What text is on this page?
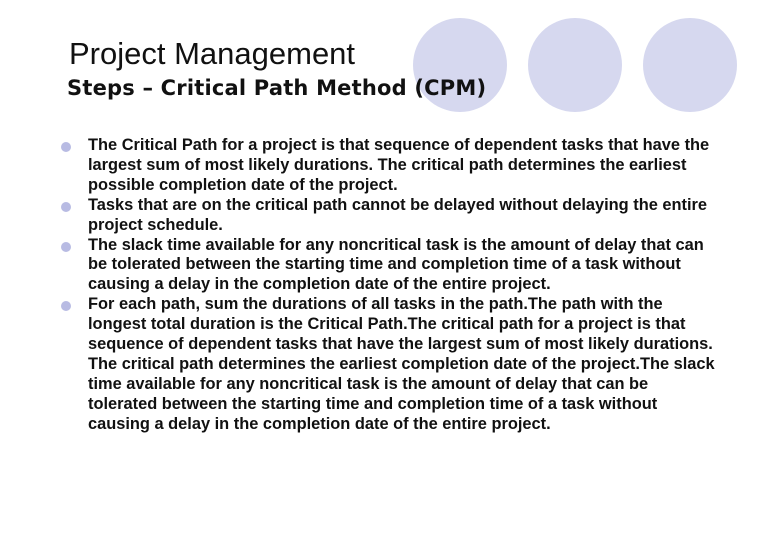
Project Management
Steps – Critical Path Method (CPM)
The Critical Path for a project is that sequence of dependent tasks that have the largest sum of most likely durations. The critical path determines the earliest possible completion date of the project.
Tasks that are on the critical path cannot be delayed without delaying the entire project schedule.
The slack time available for any noncritical task is the amount of delay that can be tolerated between the starting time and completion time of a task without causing a delay in the completion date of the entire project.
For each path, sum the durations of all tasks in the path.The path with the longest total duration is the Critical Path.The critical path for a project is that sequence of dependent tasks that have the largest sum of most likely durations. The critical path determines the earliest completion date of the project.The slack time available for any noncritical task is the amount of delay that can be tolerated between the starting time and completion time of a task without causing a delay in the completion date of the entire project.
